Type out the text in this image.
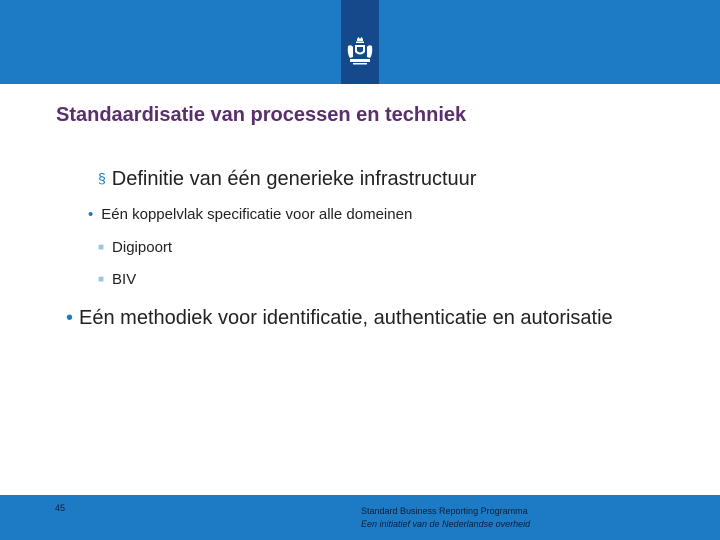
Standaardisatie van processen en techniek
§ Definitie van één generieke infrastructuur
• Eén koppelvlak specificatie voor alle domeinen
■ Digipoort
■ BIV
• Eén methodiek voor identificatie, authenticatie en autorisatie
45	Standard Business Reporting Programma
Een initiatief van de Nederlandse overheid
